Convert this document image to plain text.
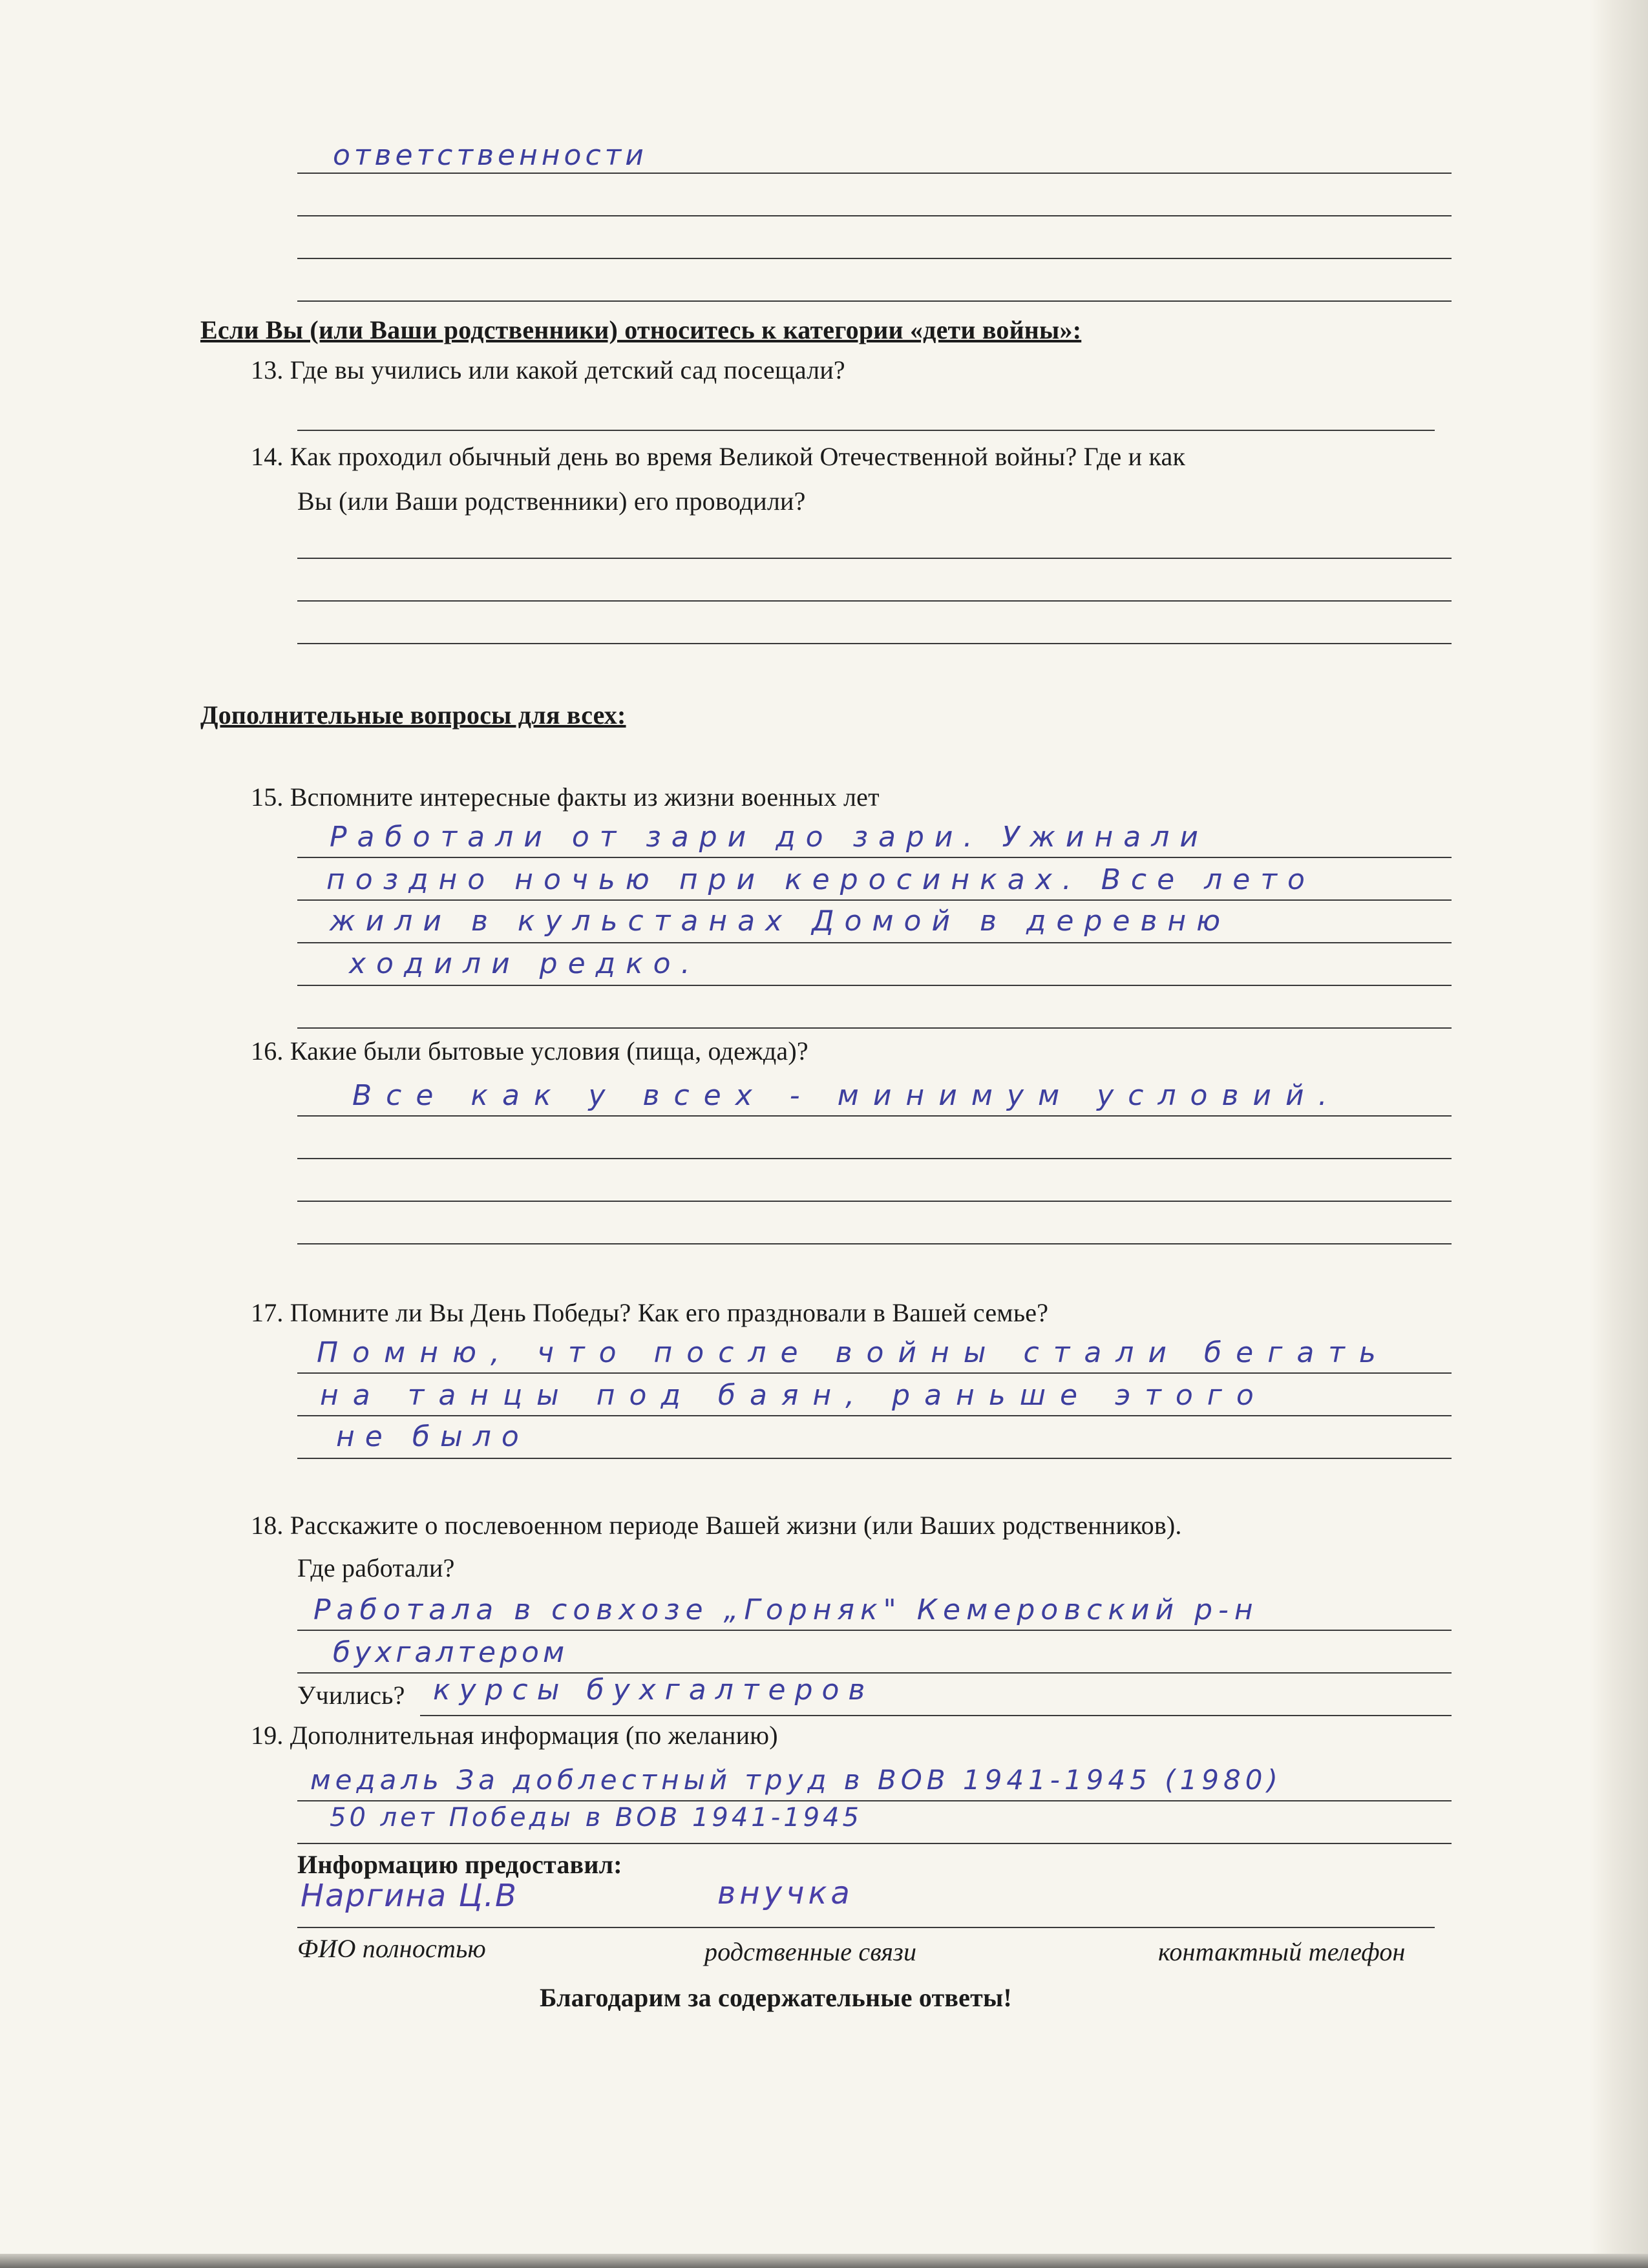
ответственности
Если Вы (или Ваши родственники) относитесь к категории «дети войны»:
13. Где вы учились или какой детский сад посещали?
14. Как проходил обычный день во время Великой Отечественной войны? Где и как
Вы (или Ваши родственники) его проводили?
Дополнительные вопросы для всех:
15. Вспомните интересные факты из жизни военных лет
Работали от зари до зари. Ужинали
поздно ночью при керосинках. Все лето
жили в кульстанах Домой в деревню
ходили редко.
16. Какие были бытовые условия (пища, одежда)?
Все как у всех - минимум условий.
17. Помните ли Вы День Победы? Как его праздновали в Вашей семье?
Помню, что после войны стали бегать
на танцы под баян, раньше этого
не было
18. Расскажите о послевоенном периоде Вашей жизни (или Ваших родственников).
Где работали?
Работала в совхозе „Горняк" Кемеровский р-н
бухгалтером
Учились? курсы бухгалтеров
19. Дополнительная информация (по желанию)
медаль За доблестный труд в ВОВ 1941-1945 (1980)
50 лет Победы в ВОВ 1941-1945
Информацию предоставил:
Наргина Ц.В	внучка
ФИО полностью	родственные связи	контактный телефон
Благодарим за содержательные ответы!
